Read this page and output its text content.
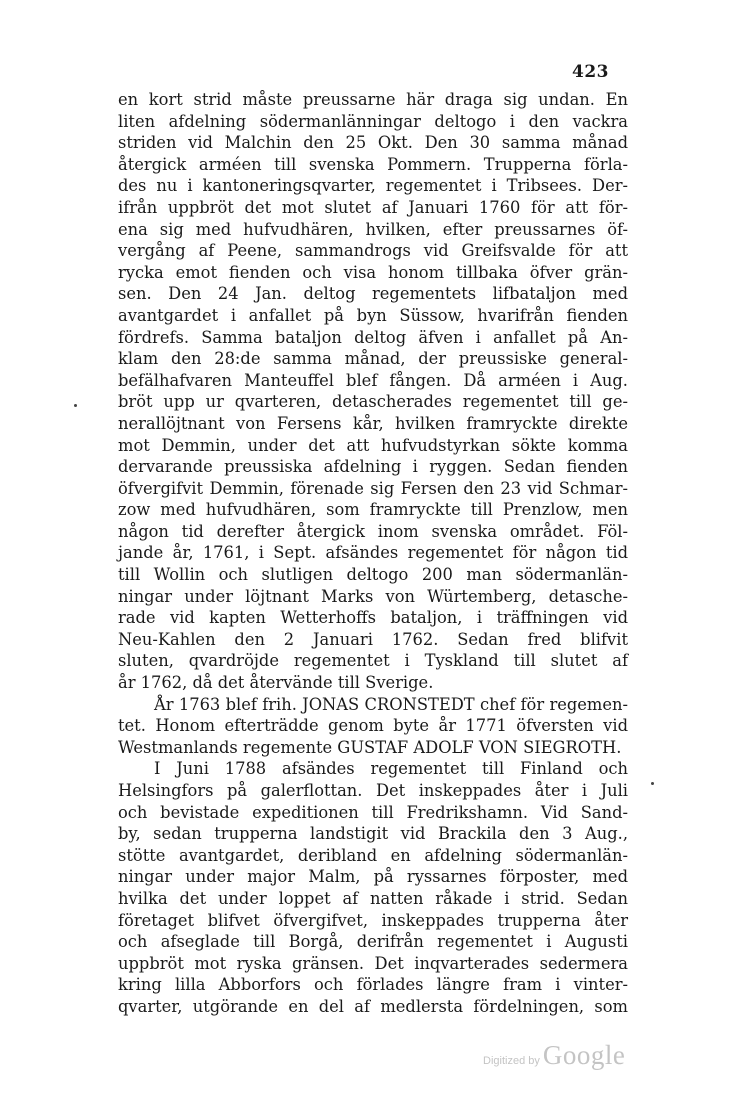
423
en kort strid måste preussarne här draga sig undan. En
liten afdelning södermanlänningar deltogo i den vackra
striden vid Malchin den 25 Okt. Den 30 samma månad
återgick arméen till svenska Pommern. Trupperna förla-
des nu i kantoneringsqvarter, regementet i Tribsees. Der-
ifrån uppbröt det mot slutet af Januari 1760 för att för-
ena sig med hufvudhären, hvilken, efter preussarnes öf-
vergång af Peene, sammandrogs vid Greifsvalde för att
rycka emot fienden och visa honom tillbaka öfver grän-
sen. Den 24 Jan. deltog regementets lifbataljon med
avantgardet i anfallet på byn Süssow, hvarifrån fienden
fördrefs. Samma bataljon deltog äfven i anfallet på An-
klam den 28:de samma månad, der preussiske general-
befälhafvaren Manteuffel blef fången. Då arméen i Aug.
bröt upp ur qvarteren, detascherades regementet till ge-
nerallöjtnant von Fersens kår, hvilken framryckte direkte
mot Demmin, under det att hufvudstyrkan sökte komma
dervarande preussiska afdelning i ryggen. Sedan fienden
öfvergifvit Demmin, förenade sig Fersen den 23 vid Schmar-
zow med hufvudhären, som framryckte till Prenzlow, men
någon tid derefter återgick inom svenska området. Föl-
jande år, 1761, i Sept. afsändes regementet för någon tid
till Wollin och slutligen deltogo 200 man södermanlän-
ningar under löjtnant Marks von Würtemberg, detasche-
rade vid kapten Wetterhoffs bataljon, i träffningen vid
Neu-Kahlen den 2 Januari 1762. Sedan fred blifvit
sluten, qvardröjde regementet i Tyskland till slutet af
år 1762, då det återvände till Sverige.
År 1763 blef frih. JONAS CRONSTEDT chef för regemen-
tet. Honom efterträdde genom byte år 1771 öfversten vid
Westmanlands regemente GUSTAF ADOLF VON SIEGROTH.
I Juni 1788 afsändes regementet till Finland och
Helsingfors på galerflottan. Det inskeppades åter i Juli
och bevistade expeditionen till Fredrikshamn. Vid Sand-
by, sedan trupperna landstigit vid Brackila den 3 Aug.,
stötte avantgardet, deribland en afdelning södermanlän-
ningar under major Malm, på ryssarnes förposter, med
hvilka det under loppet af natten råkade i strid. Sedan
företaget blifvet öfvergifvet, inskeppades trupperna åter
och afseglade till Borgå, derifrån regementet i Augusti
uppbröt mot ryska gränsen. Det inqvarterades sedermera
kring lilla Abborfors och förlades längre fram i vinter-
qvarter, utgörande en del af medlersta fördelningen, som
Digitized by Google
